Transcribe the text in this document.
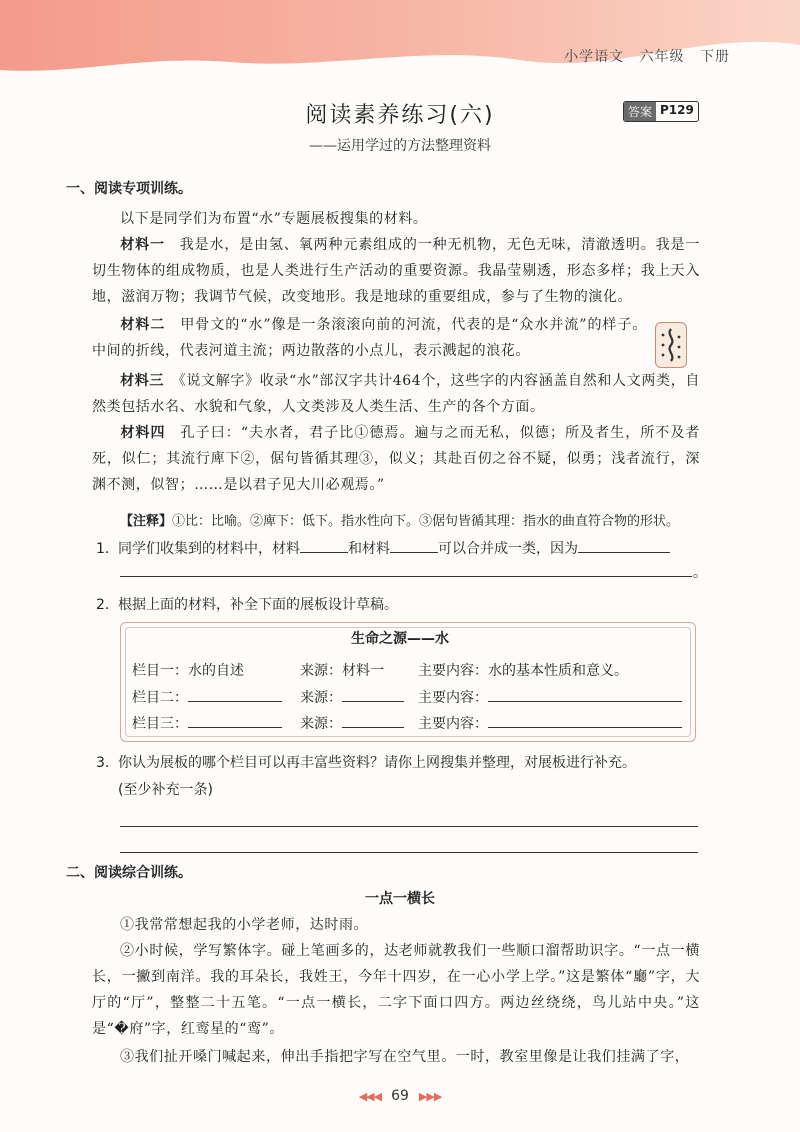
小学语文 六年级 下册
阅读素养练习(六)	答案 P129
——运用学过的方法整理资料
一、阅读专项训练。
以下是同学们为布置“水”专题展板搜集的材料。
材料一　 我是水，是由氢、氧两种元素组成的一种无机物，无色无味，清澈透明。我是一切生物体的组成物质，也是人类进行生产活动的重要资源。我晶莹剔透，形态多样；我上天入地，滋润万物；我调节气候，改变地形。我是地球的重要组成，参与了生物的演化。
材料二　 甲骨文的“水”像是一条滚滚向前的河流，代表的是“众水并流”的样子。中间的折线，代表河道主流；两边散落的小点儿，表示溅起的浪花。
材料三　 《说文解字》收录“水”部汉字共计464个，这些字的内容涵盖自然和人文两类，自然类包括水名、水貌和气象，人文类涉及人类生活、生产的各个方面。
材料四　 孔子曰：“夫水者，君子比①德焉。遍与之而无私，似德；所及者生，所不及者死，似仁；其流行庳下②，倨句皆循其理③，似义；其赴百仞之谷不疑，似勇；浅者流行，深渊不测，似智；……是以君子见大川必观焉。”
【注释】①比：比喻。②庳下：低下。指水性向下。③倨句皆循其理：指水的曲直符合物的形状。
1. 同学们收集到的材料中，材料	和材料	可以合并成一类，因为
。
2. 根据上面的材料，补全下面的展板设计草稿。
生命之源——水
栏目一：水的自述	来源：材料一 主要内容：水的基本性质和意义。
栏目二：	来源：	主要内容：
栏目三：	来源：	主要内容：
3. 你认为展板的哪个栏目可以再丰富些资料？请你上网搜集并整理，对展板进行补充。
(至少补充一条)
二、阅读综合训练。
一点一横长
①我常常想起我的小学老师，达时雨。
②小时候，学写繁体字。碰上笔画多的，达老师就教我们一些顺口溜帮助识字。“一点一横长，一撇到南洋。我的耳朵长，我姓王，今年十四岁，在一心小学上学。”这是繁体“廳”字，大厅的“厅”，整整二十五笔。“一点一横长，二字下面口四方。两边丝绕绕，鸟儿站中央。”这是“�府”字，红鸾星的“鸾”。
③我们扯开嗓门喊起来，伸出手指把字写在空气里。一时，教室里像是让我们挂满了字，
◀◀◀ 69 ▶▶▶
